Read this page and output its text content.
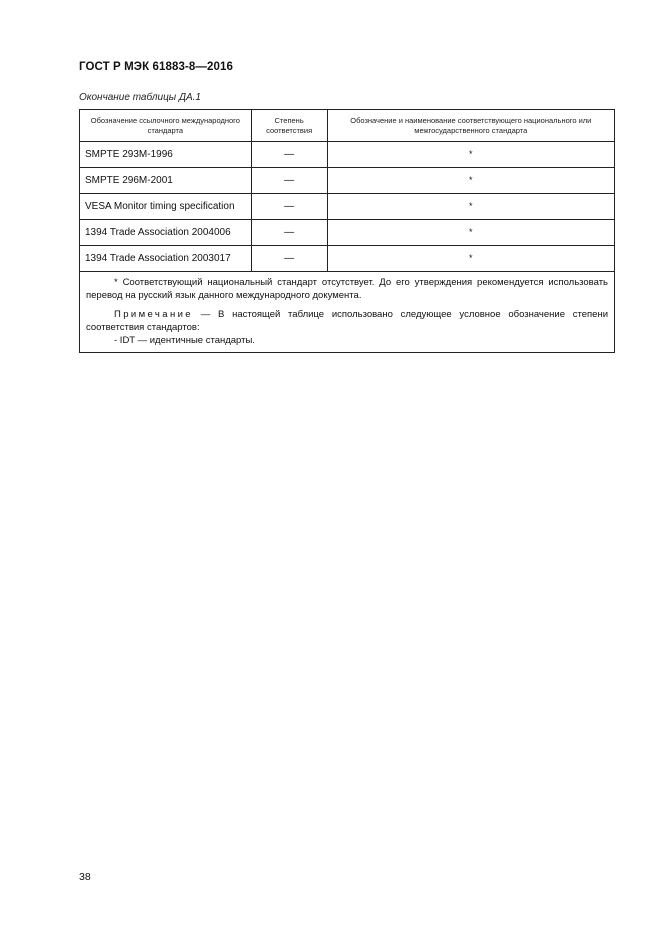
ГОСТ Р МЭК 61883-8—2016
Окончание таблицы ДА.1
Обозначение ссылочного международного стандарта	Степень соответствия	Обозначение и наименование соответствующего национального или межгосударственного стандарта
SMPTE 293M-1996	—	*
SMPTE 296M-2001	—	*
VESA Monitor timing specification	—	*
1394 Trade Association 2004006	—	*
1394 Trade Association 2003017	—	*

* Соответствующий национальный стандарт отсутствует. До его утверждения рекомендуется использовать перевод на русский язык данного международного документа.

Примечание — В настоящей таблице использовано следующее условное обозначение степени соответствия стандартов:

- IDT — идентичные стандарты.		

38
